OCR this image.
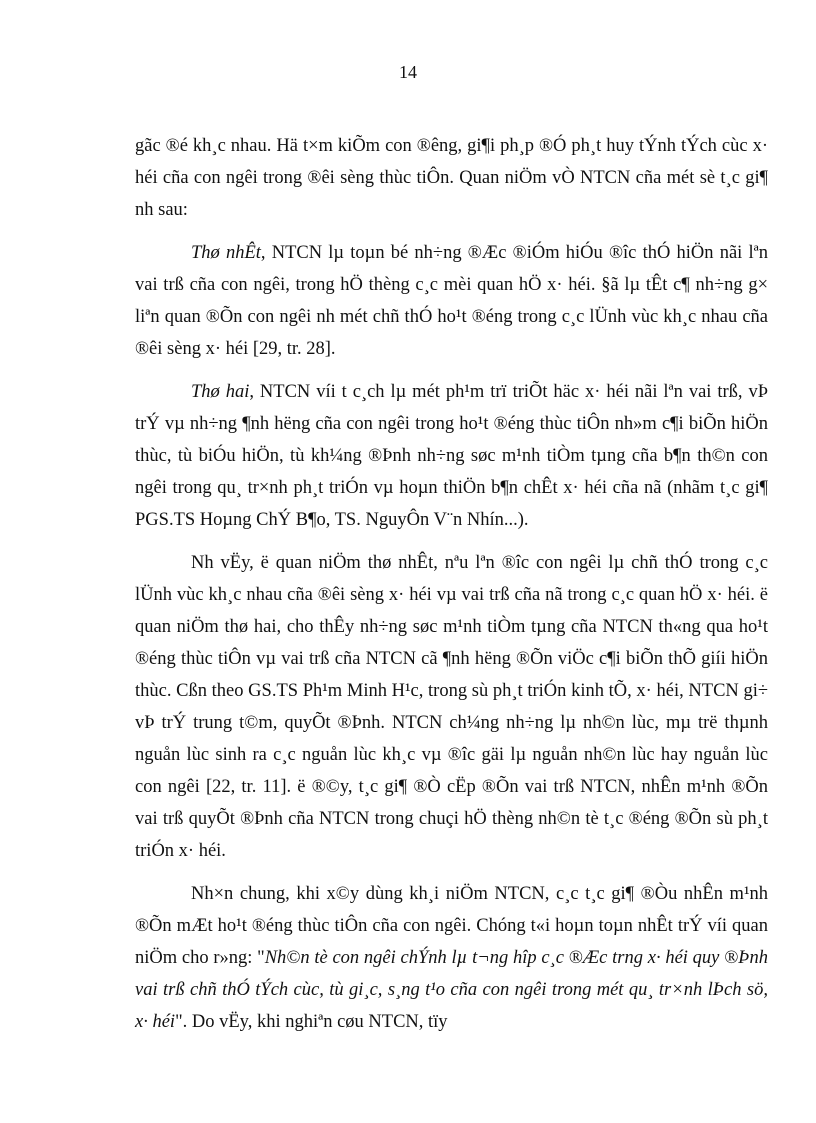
14

gãc ®é kh¸c nhau. Hä t×m kiÕm con ®êng, gi¶i ph¸p ®Ó ph¸t huy tÝnh tÝch cùc x· héi cña con ngêi trong ®êi sèng thùc tiÔn. Quan niÖm vÒ NTCN cña mét sè t¸c gi¶ nh sau:

Thø nhÊt, NTCN lµ toµn bé nh÷ng ®Æc ®iÓm hiÓu ®îc thÓ hiÖn nãi lªn vai trß cña con ngêi, trong hÖ thèng c¸c mèi quan hÖ x· héi. §ã lµ tÊt c¶ nh÷ng g× liªn quan ®Õn con ngêi nh mét chñ thÓ ho¹t ®éng trong c¸c lÜnh vùc kh¸c nhau cña ®êi sèng x· héi [29, tr. 28].

Thø hai, NTCN víi t c¸ch lµ mét ph¹m trï triÕt häc x· héi nãi lªn vai trß, vÞ trÝ vµ nh÷ng ¶nh hëng cña con ngêi trong ho¹t ®éng thùc tiÔn nh»m c¶i biÕn hiÖn thùc, tù biÓu hiÖn, tù kh¼ng ®Þnh nh÷ng søc m¹nh tiÒm tµng cña b¶n th©n con ngêi trong qu¸ tr×nh ph¸t triÓn vµ hoµn thiÖn b¶n chÊt x· héi cña nã (nhãm t¸c gi¶ PGS.TS Hoµng ChÝ B¶o, TS. NguyÔn V¨n Nhín...).

Nh vËy, ë quan niÖm thø nhÊt, nªu lªn ®îc con ngêi lµ chñ thÓ trong c¸c lÜnh vùc kh¸c nhau cña ®êi sèng x· héi vµ vai trß cña nã trong c¸c quan hÖ x· héi. ë quan niÖm thø hai, cho thÊy nh÷ng søc m¹nh tiÒm tµng cña NTCN th«ng qua ho¹t ®éng thùc tiÔn vµ vai trß cña NTCN cã ¶nh hëng ®Õn viÖc c¶i biÕn thÕ giíi hiÖn thùc. Cßn theo GS.TS Ph¹m Minh H¹c, trong sù ph¸t triÓn kinh tÕ, x· héi, NTCN gi÷ vÞ trÝ trung t©m, quyÕt ®Þnh. NTCN ch¼ng nh÷ng lµ nh©n lùc, mµ trë thµnh nguån lùc sinh ra c¸c nguån lùc kh¸c vµ ®îc gäi lµ nguån nh©n lùc hay nguån lùc con ngêi [22, tr. 11]. ë ®©y, t¸c gi¶ ®Ò cËp ®Õn vai trß NTCN, nhÊn m¹nh ®Õn vai trß quyÕt ®Þnh cña NTCN trong chuçi hÖ thèng nh©n tè t¸c ®éng ®Õn sù ph¸t triÓn x· héi.

Nh×n chung, khi x©y dùng kh¸i niÖm NTCN, c¸c t¸c gi¶ ®Òu nhÊn m¹nh ®Õn mÆt ho¹t ®éng thùc tiÔn cña con ngêi. Chóng t«i hoµn toµn nhÊt trÝ víi quan niÖm cho r»ng: "Nh©n tè con ngêi chÝnh lµ t¬ng hîp c¸c ®Æc trng x· héi quy ®Þnh vai trß chñ thÓ tÝch cùc, tù gi¸c, s¸ng t¹o cña con ngêi trong mét qu¸ tr×nh lÞch sö, x· héi". Do vËy, khi nghiªn cøu NTCN, tïy
